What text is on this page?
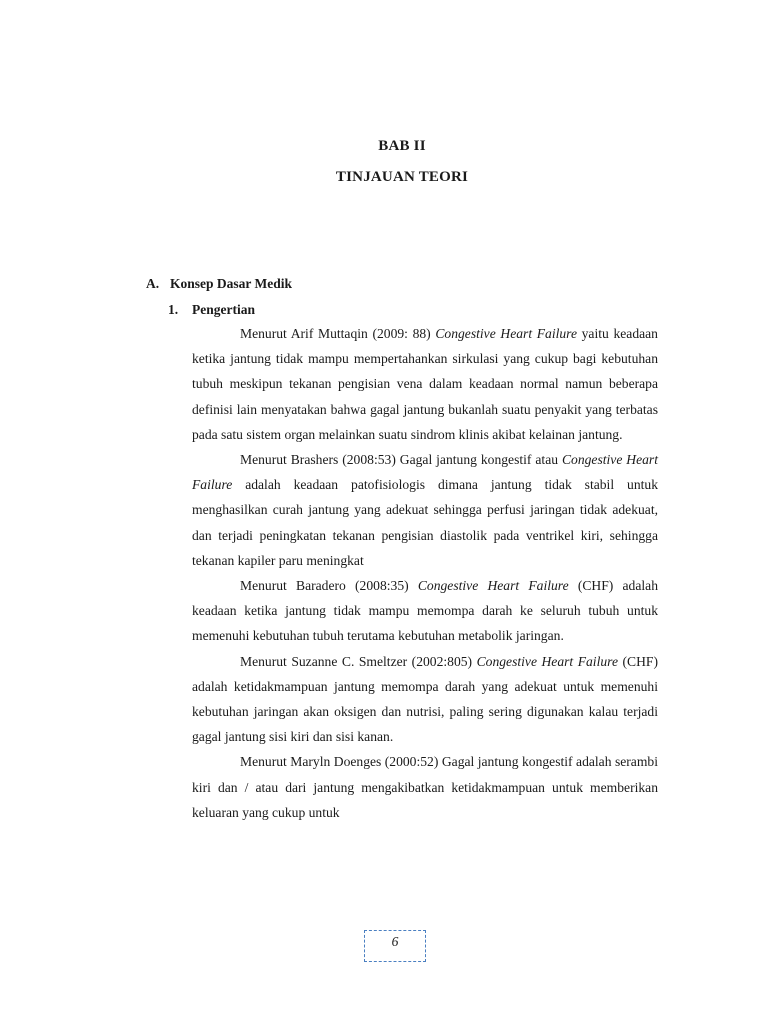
BAB II
TINJAUAN TEORI
A. Konsep Dasar Medik
1. Pengertian

Menurut Arif Muttaqin (2009: 88) Congestive Heart Failure yaitu keadaan ketika jantung tidak mampu mempertahankan sirkulasi yang cukup bagi kebutuhan tubuh meskipun tekanan pengisian vena dalam keadaan normal namun beberapa definisi lain menyatakan bahwa gagal jantung bukanlah suatu penyakit yang terbatas pada satu sistem organ melainkan suatu sindrom klinis akibat kelainan jantung.

Menurut Brashers (2008:53) Gagal jantung kongestif atau Congestive Heart Failure adalah keadaan patofisiologis dimana jantung tidak stabil untuk menghasilkan curah jantung yang adekuat sehingga perfusi jaringan tidak adekuat, dan terjadi peningkatan tekanan pengisian diastolik pada ventrikel kiri, sehingga tekanan kapiler paru meningkat

Menurut Baradero (2008:35) Congestive Heart Failure (CHF) adalah keadaan ketika jantung tidak mampu memompa darah ke seluruh tubuh untuk memenuhi kebutuhan tubuh terutama kebutuhan metabolik jaringan.

Menurut Suzanne C. Smeltzer (2002:805) Congestive Heart Failure (CHF) adalah ketidakmampuan jantung memompa darah yang adekuat untuk memenuhi kebutuhan jaringan akan oksigen dan nutrisi, paling sering digunakan kalau terjadi gagal jantung sisi kiri dan sisi kanan.

Menurut Maryln Doenges (2000:52) Gagal jantung kongestif adalah serambi kiri dan / atau dari jantung mengakibatkan ketidakmampuan untuk memberikan keluaran yang cukup untuk

6
